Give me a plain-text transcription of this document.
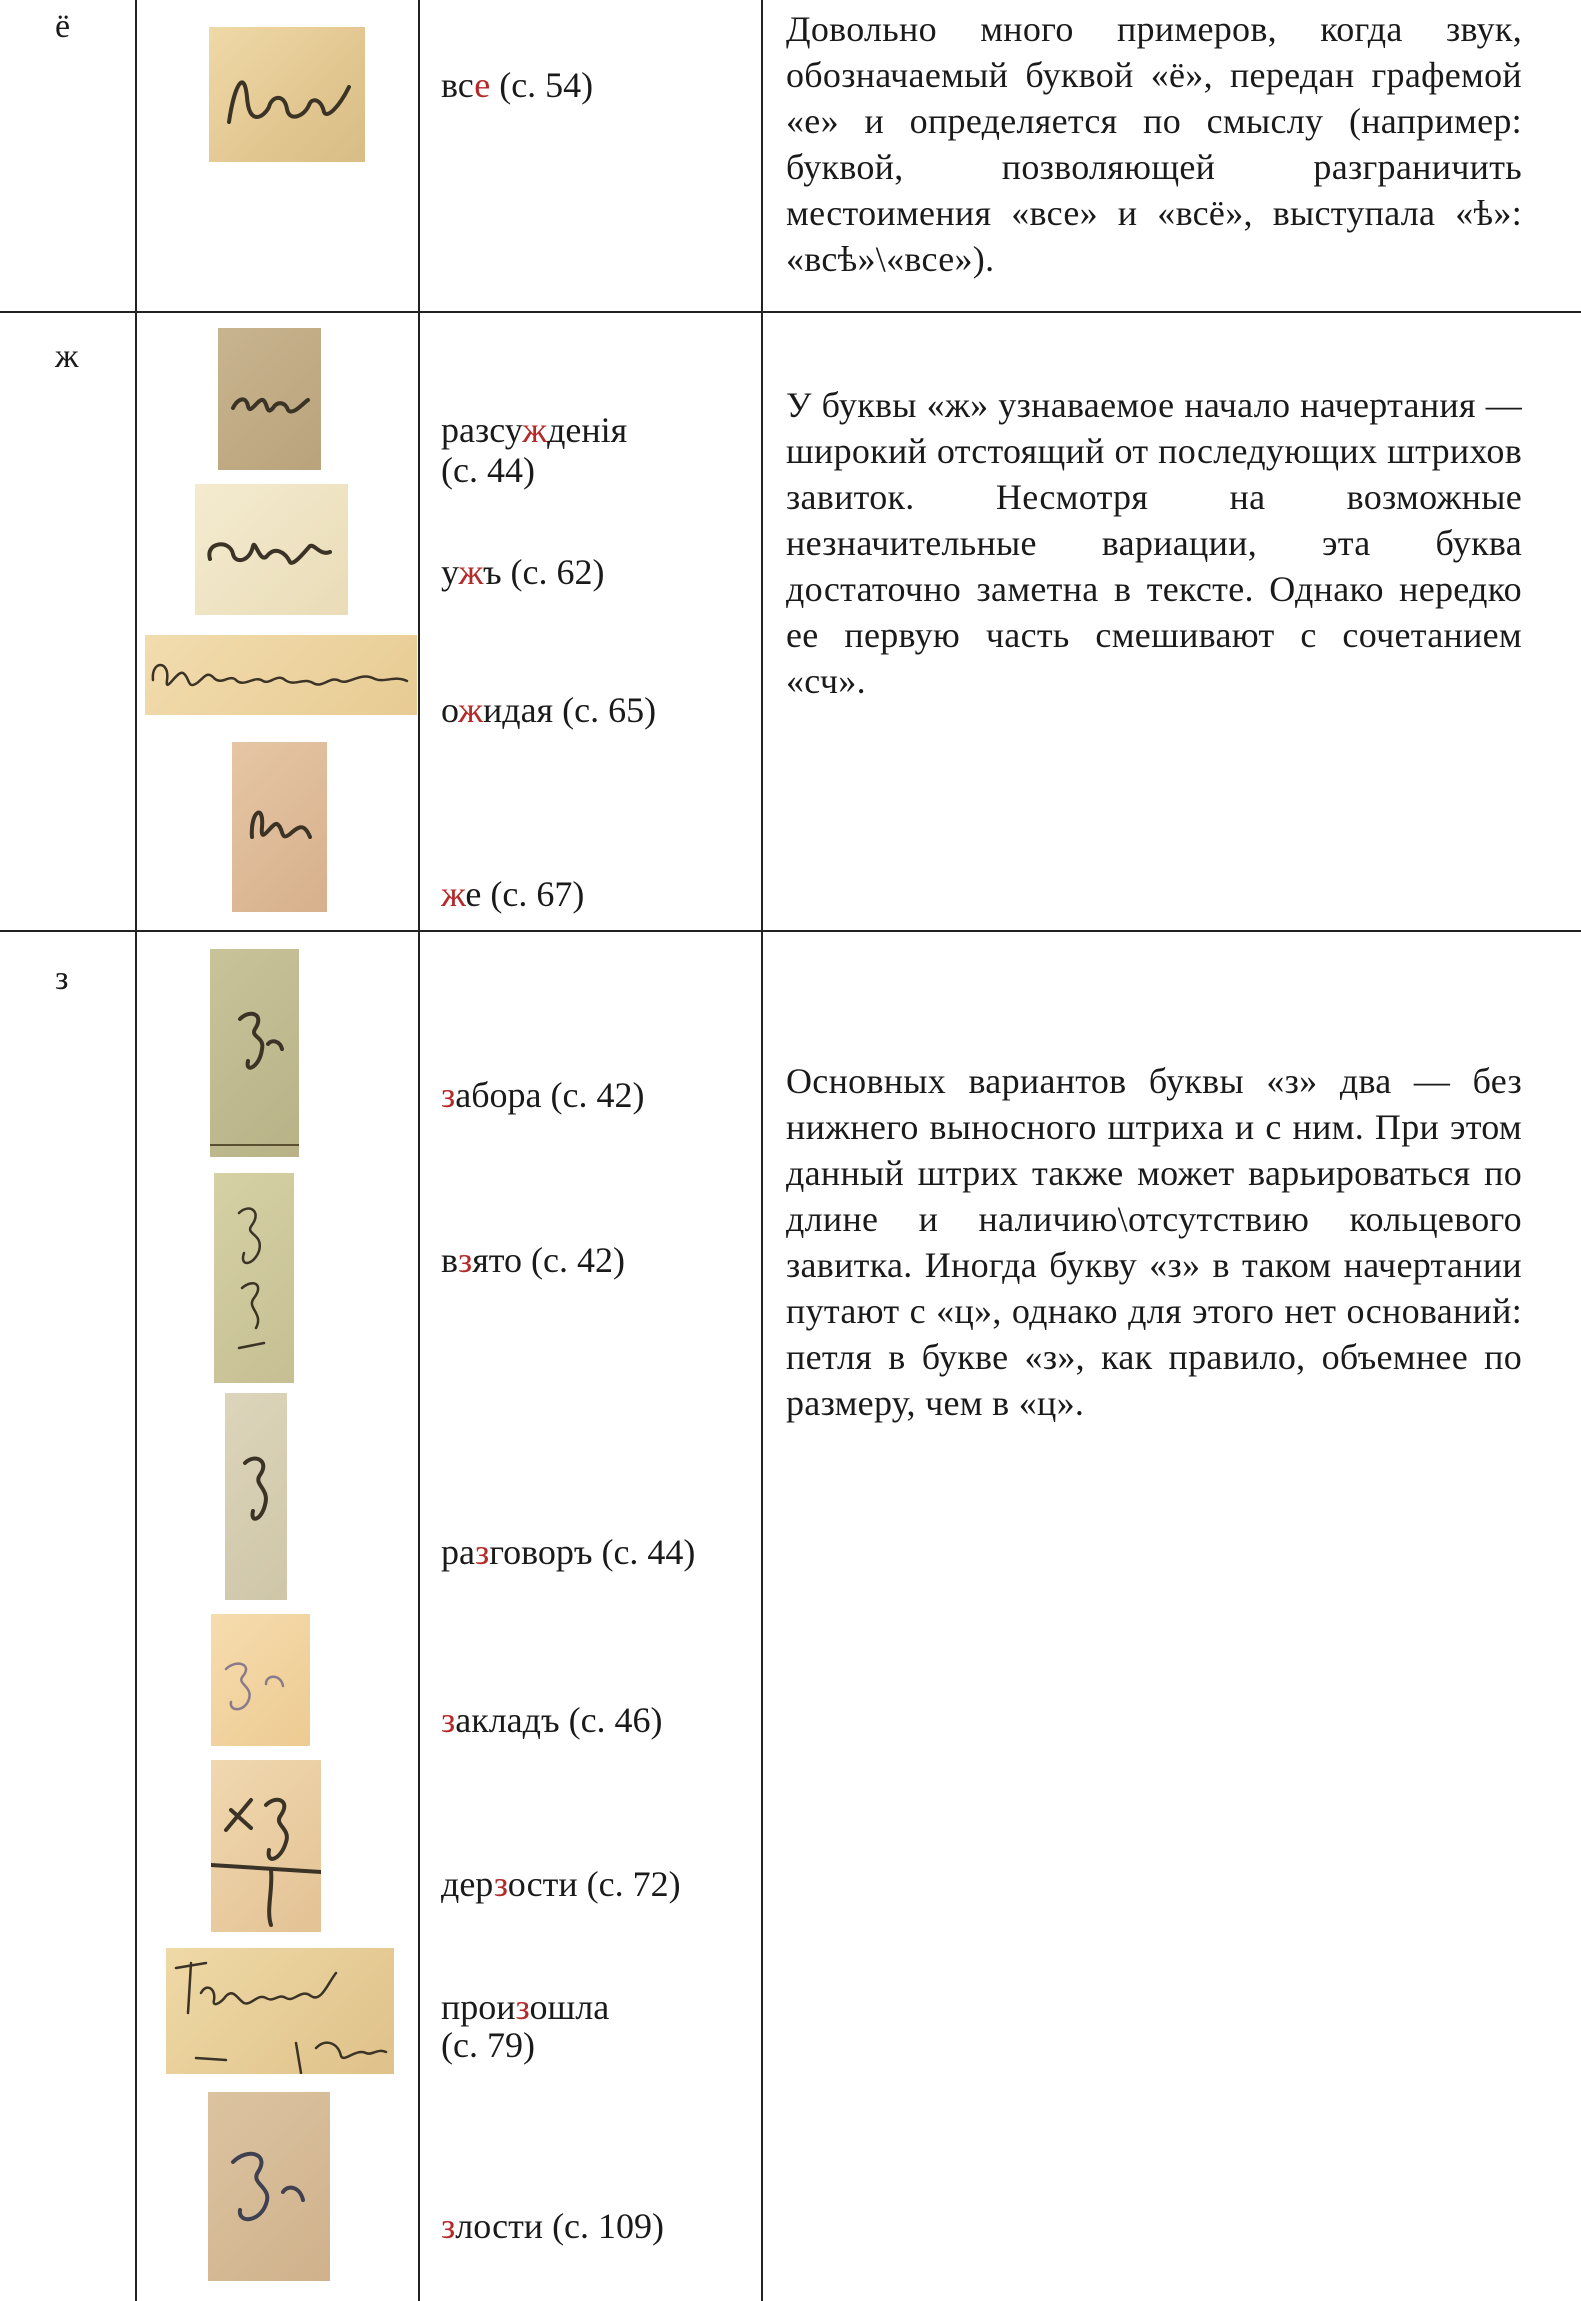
ё
все (с. 54)
Довольно много примеров, когда звук, обозначаемый буквой «ё», передан графемой «е» и определяется по смыслу (например: буквой, позволяющей разграничить местоимения «все» и «всё», выступала «ѣ»: «всѣ»\«все»).
ж
разсужденія
(с. 44)
ужъ (с. 62)
ожидая (с. 65)
же (с. 67)
У буквы «ж» узнаваемое начало начертания — широкий отстоящий от последующих штрихов завиток. Несмотря на возможные незначительные вариации, эта буква достаточно заметна в тексте. Однако нередко ее первую часть смешивают с сочетанием «сч».
з
забора (с. 42)
взято (с. 42)
разговоръ (с. 44)
закладъ (с. 46)
дерзости (с. 72)
произошла
(с. 79)
злости (с. 109)
Основных вариантов буквы «з» два — без нижнего выносного штриха и с ним. При этом данный штрих также может варьироваться по длине и наличию\отсутствию кольцевого завитка. Иногда букву «з» в таком начертании путают с «ц», однако для этого нет оснований: петля в букве «з», как правило, объемнее по размеру, чем в «ц».
